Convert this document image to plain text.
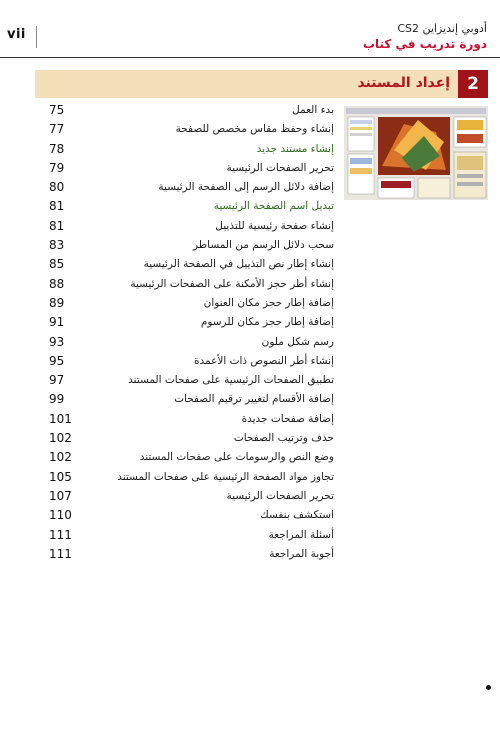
vii	أدوبي إنديزاين CS2
دورة تدريب في كتاب
2
إعداد المستند
75	بدء العمل
77	إنشاء وحفظ مقاس مخصص للصفحة
78	إنشاء مستند جديد
79	تحرير الصفحات الرئيسية
80	إضافة دلائل الرسم إلى الصفحة الرئيسية
81	تبديل اسم الصفحة الرئيسية
81	إنشاء صفحة رئيسية للتذييل
83	سحب دلائل الرسم من المساطر
85	إنشاء إطار نص التذييل في الصفحة الرئيسية
88	إنشاء أطر حجز الأمكنة على الصفحات الرئيسية
89	إضافة إطار حجز مكان العنوان
91	إضافة إطار حجز مكان للرسوم
93	رسم شكل ملون
95	إنشاء أطر النصوص ذات الأعمدة
97	تطبيق الصفحات الرئيسية على صفحات المستند
99	إضافة الأقسام لتغيير ترقيم الصفحات
101	إضافة صفحات جديدة
102	حذف وترتيب الصفحات
102	وضع النص والرسومات على صفحات المستند
105	تجاوز مواد الصفحة الرئيسية على صفحات المستند
107	تحرير الصفحات الرئيسية
110	استكشف بنفسك
111	أسئلة المراجعة
111	أجوبة المراجعة
